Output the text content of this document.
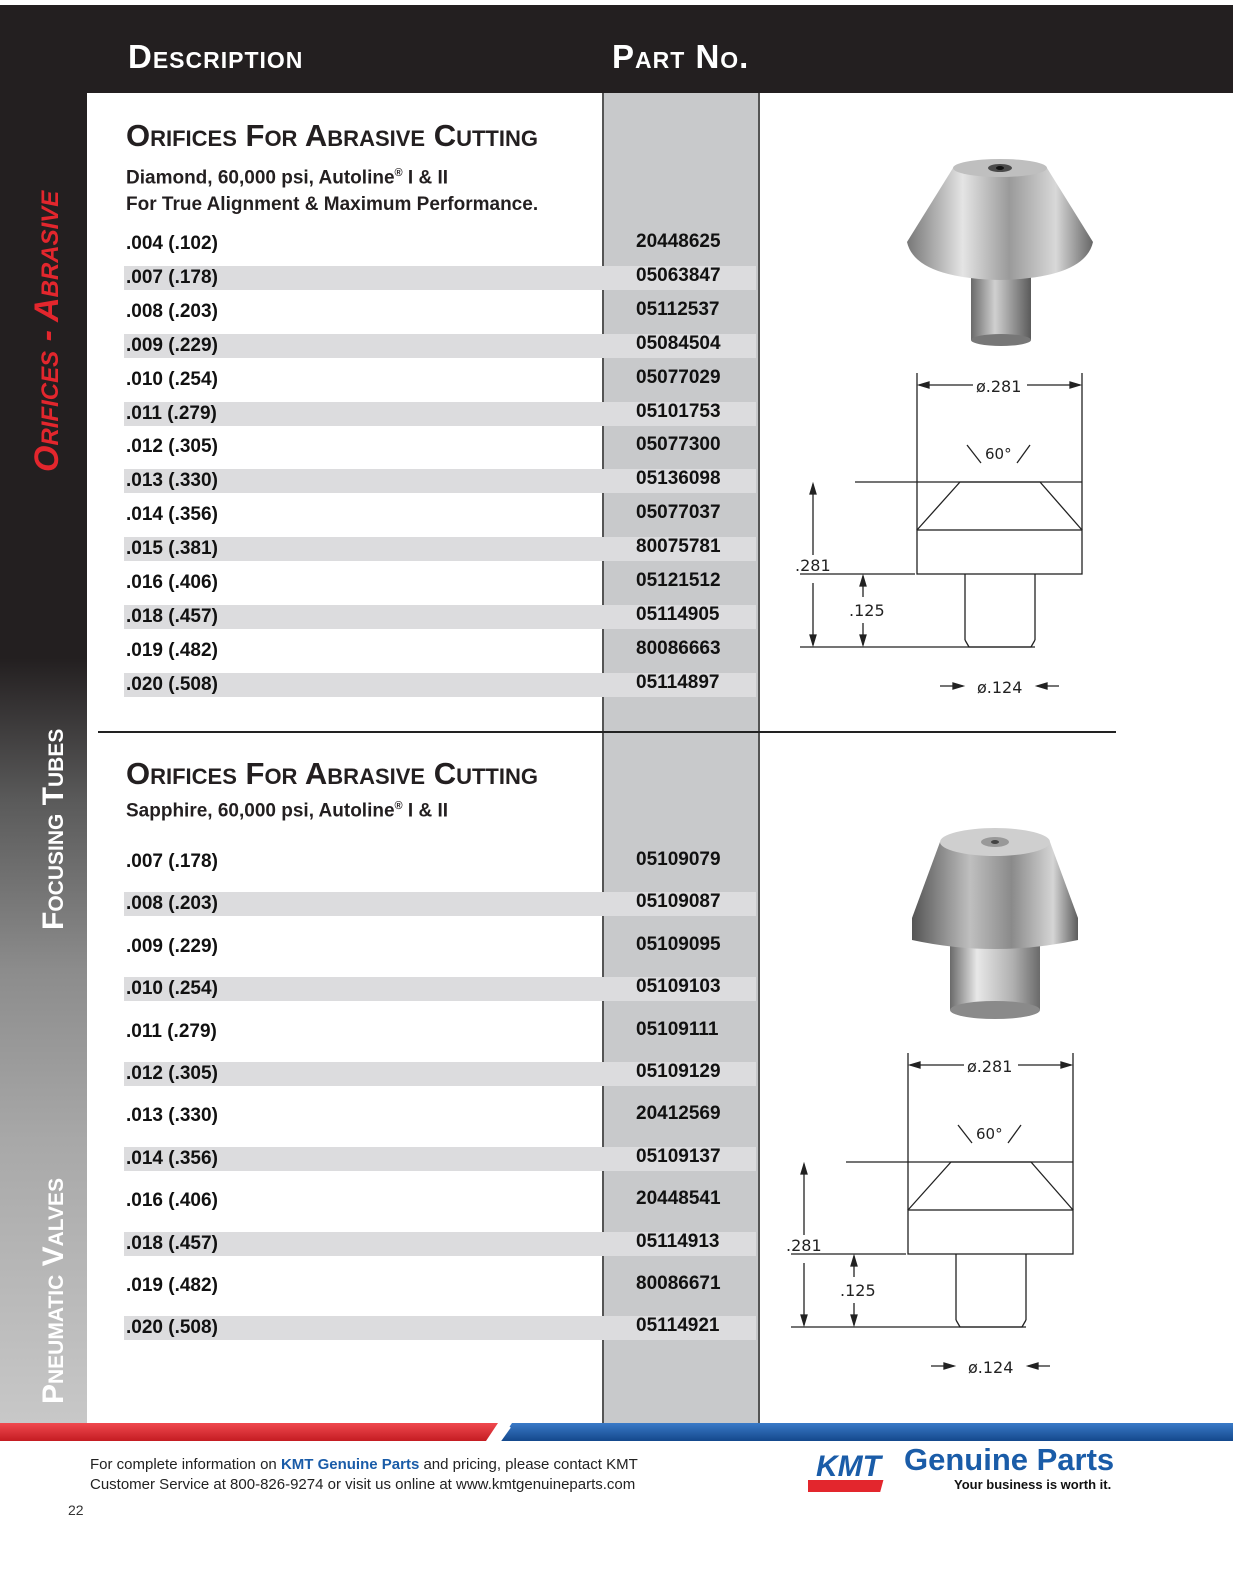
Description	Part No.
Orifices - Abrasive
Focusing Tubes
Pneumatic Valves
Orifices For Abrasive Cutting
Diamond, 60,000 psi, Autoline® I & II
For True Alignment & Maximum Performance.
.004 (.102)	20448625
.007 (.178)	05063847
.008 (.203)	05112537
.009 (.229)	05084504
.010 (.254)	05077029
.011 (.279)	05101753
.012 (.305)	05077300
.013 (.330)	05136098
.014 (.356)	05077037
.015 (.381)	80075781
.016 (.406)	05121512
.018 (.457)	05114905
.019 (.482)	80086663
.020 (.508)	05114897
Orifices For Abrasive Cutting
Sapphire, 60,000 psi, Autoline® I & II
.007 (.178)	05109079
.008 (.203)	05109087
.009 (.229)	05109095
.010 (.254)	05109103
.011 (.279)	05109111
.012 (.305)	05109129
.013 (.330)	20412569
.014 (.356)	05109137
.016 (.406)	20448541
.018 (.457)	05114913
.019 (.482)	80086671
.020 (.508)	05114921
ø.281
60°
.281
.125
ø.124
ø.281
60°
.281
.125
ø.124
For complete information on KMT Genuine Parts and pricing, please contact KMT
Customer Service at 800-826-9274 or visit us online at www.kmtgenuineparts.com
22
KMT Genuine Parts
Your business is worth it.
